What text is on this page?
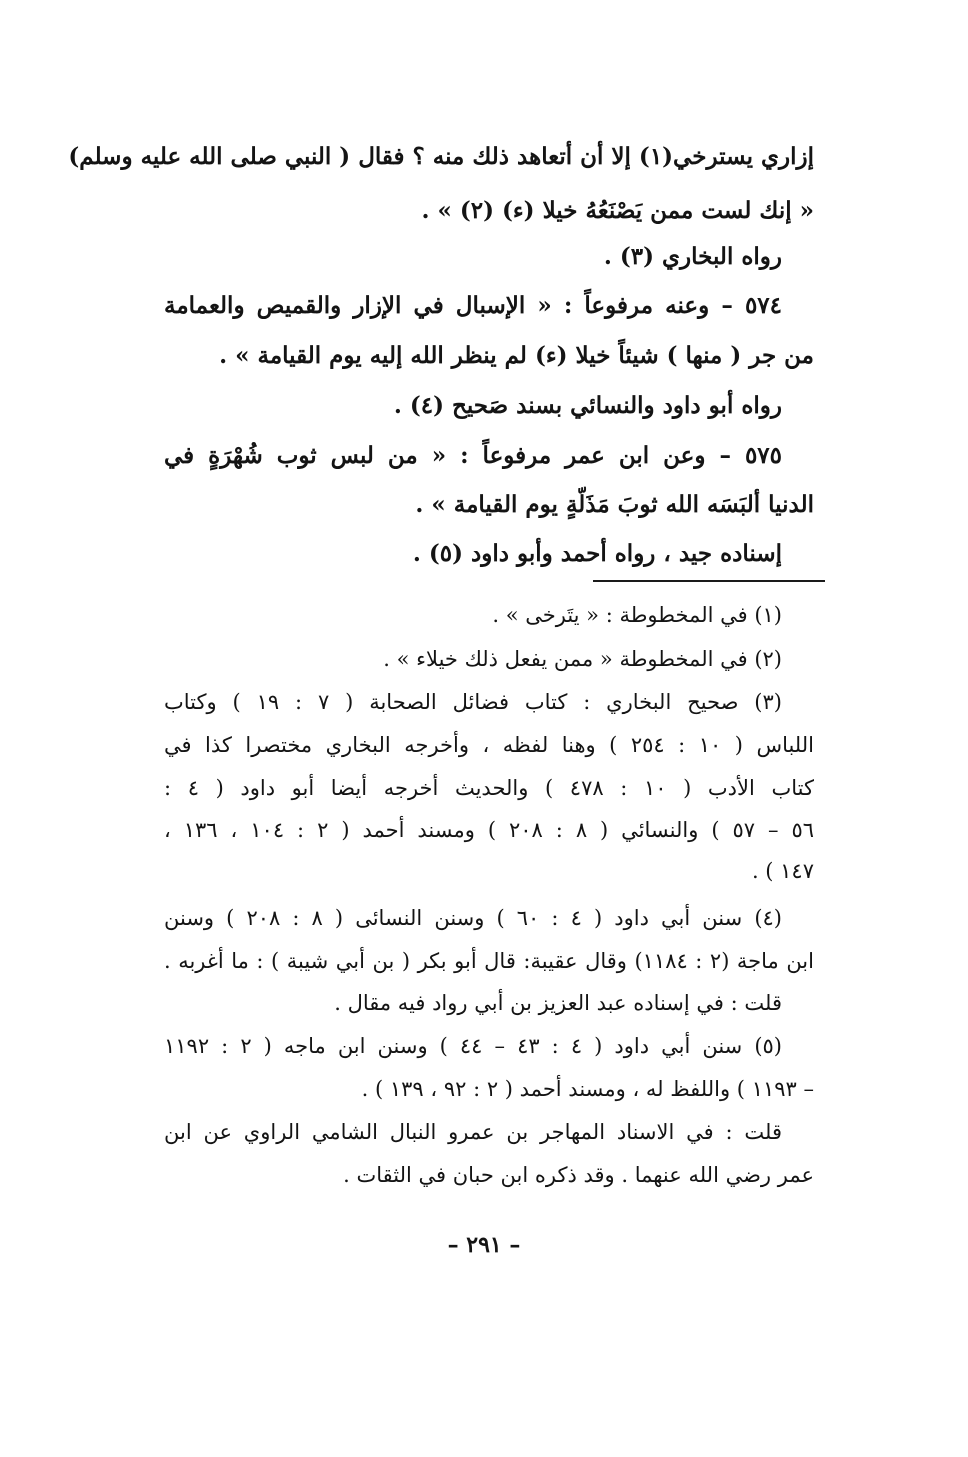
إزاري يسترخي(١) إلا أن أتعاهد ذلك منه ؟ فقال ( النبي صلى الله عليه وسلم)
« إنك لست ممن يَصْنَعُهُ خيلا (ء) (٢) » .
رواه البخاري (٣) .
٥٧٤ – وعنه مرفوعاً : « الإسبال في الإزار والقميص والعمامة
من جر ( منها ) شيئاً خيلا (ء) لم ينظر الله إليه يوم القيامة » .
رواه أبو داود والنسائي بسند صَحيح (٤) .
٥٧٥ – وعن ابن عمر مرفوعاً : « من لبس ثوب شُهْرَةٍ في
الدنيا ألبَسَه الله ثوبَ مَذَلّةٍ يوم القيامة » .
إسناده جيد ، رواه أحمد وأبو داود (٥) .
(١) في المخطوطة : « يتَرخى » .
(٢) في المخطوطة « ممن يفعل ذلك خيلاء » .
(٣) صحيح البخاري : كتاب فضائل الصحابة ( ٧ : ١٩ ) وكتاب
اللباس ( ١٠ : ٢٥٤ ) وهنا لفظه ، وأخرجه البخاري مختصرا كذا في
كتاب الأدب ( ١٠ : ٤٧٨ ) والحديث أخرجه أيضا أبو داود ( ٤ :
٥٦ – ٥٧ ) والنسائي ( ٨ : ٢٠٨ ) ومسند أحمد ( ٢ : ١٠٤ ، ١٣٦ ،
١٤٧ ) .
(٤) سنن أبي داود ( ٤ : ٦٠ ) وسنن النسائى ( ٨ : ٢٠٨ ) وسنن
ابن ماجة (٢ : ١١٨٤) وقال عقيبة: قال أبو بكر ( بن أبي شيبة ) : ما أغربه .
قلت : في إسناده عبد العزيز بن أبي رواد فيه مقال .
(٥) سنن أبي داود ( ٤ : ٤٣ – ٤٤ ) وسنن ابن ماجه ( ٢ : ١١٩٢
– ١١٩٣ ) واللفظ له ، ومسند أحمد ( ٢ : ٩٢ ، ١٣٩ ) .
قلت : في الاسناد المهاجر بن عمرو النبال الشامي الراوي عن ابن
عمر رضي الله عنهما . وقد ذكره ابن حبان في الثقات .
– ٢٩١ –
